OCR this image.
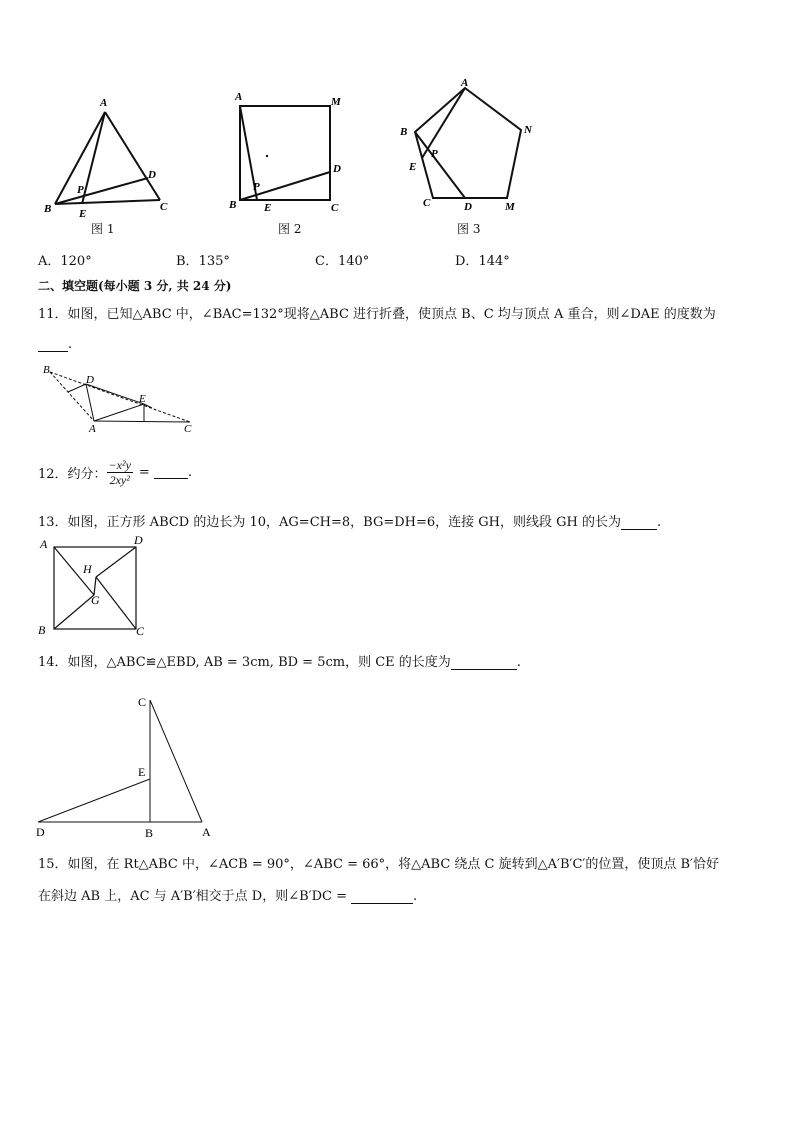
A
B	C
D
E
P
图 1
A	M
D
P
B	E	C
图 2
A
B	N
P
E
C	D	M
图 3
A．120°	B．135°	C．140°	D．144°
二、填空题(每小题 3 分, 共 24 分)
11．如图，已知△ABC 中，∠BAC=132°现将△ABC 进行折叠，使顶点 B、C 均与顶点 A 重合，则∠DAE 的度数为
.
B
D
E
A	C
12．约分： $\frac{\text{−x²y}}{\text{2xy²}}$ =	.
13．如图，正方形 ABCD 的边长为 10，AG=CH=8，BG=DH=6，连接 GH，则线段 GH 的长为	.
A	D
H
G
B	C
14．如图，△ABC≌△EBD, AB = 3cm, BD = 5cm，则 CE 的长度为	.
C
E
D	B	A
15．如图，在 Rt△ABC 中，∠ACB = 90°，∠ABC = 66°，将△ABC 绕点 C 旋转到△A′B′C′的位置，使顶点 B′恰好
在斜边 AB 上，AC 与 A′B′相交于点 D，则∠B′DC =	.
